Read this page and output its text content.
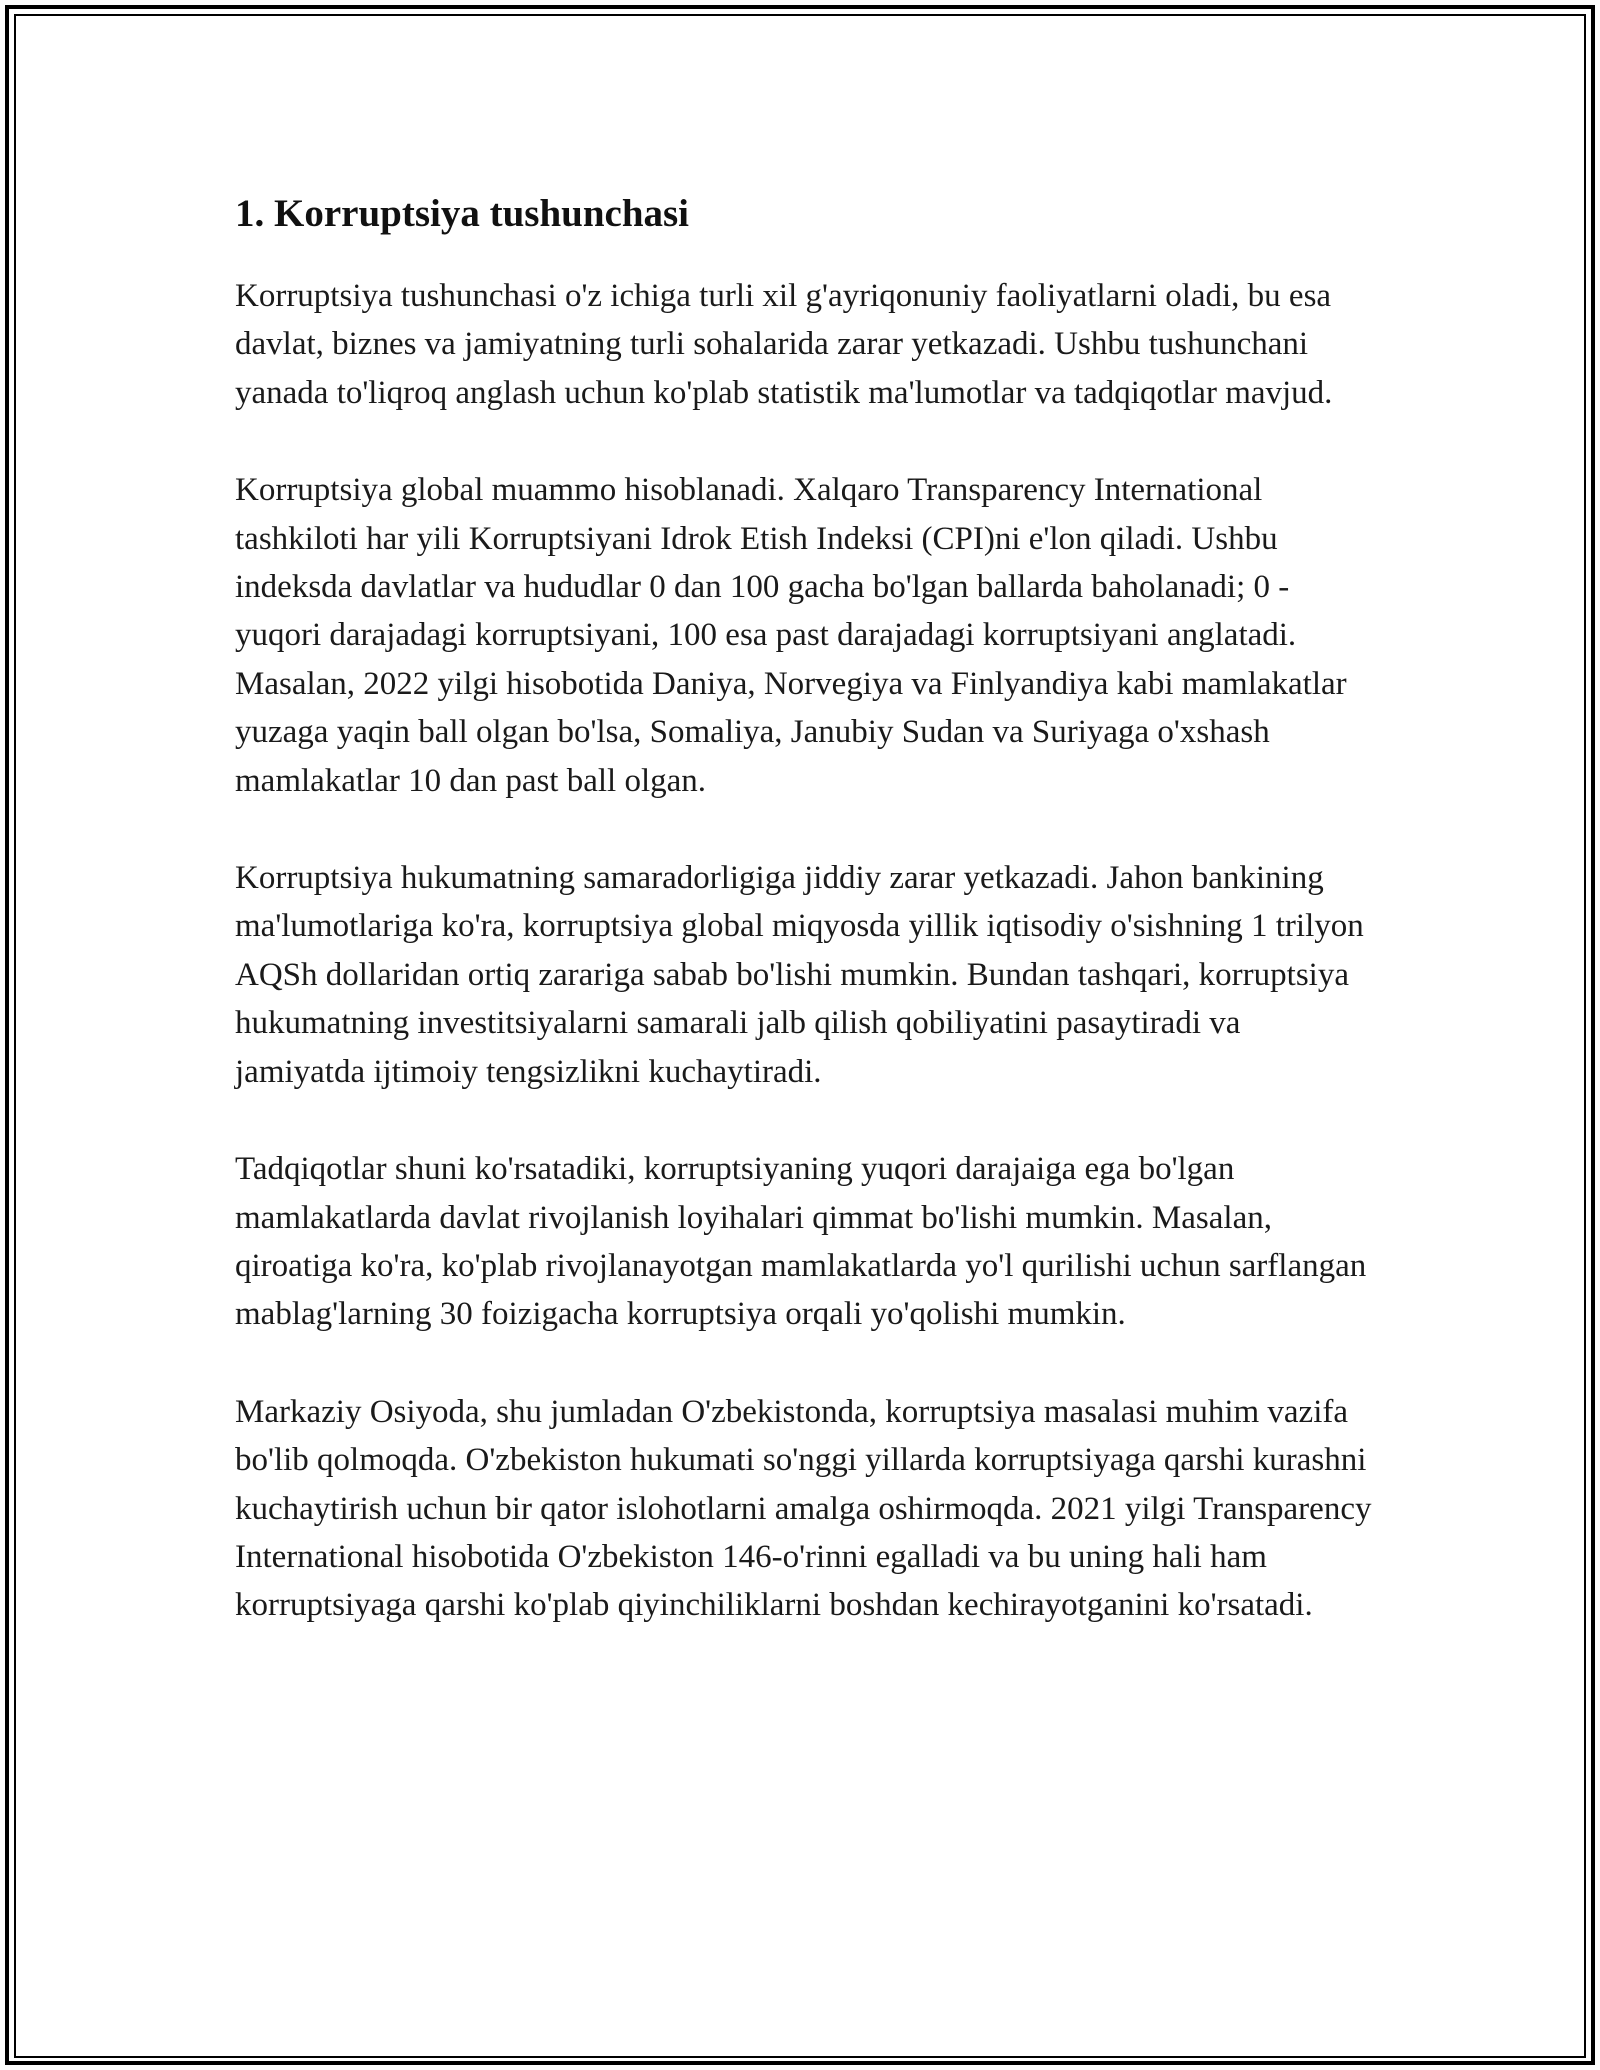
1. Korruptsiya tushunchasi

Korruptsiya tushunchasi o'z ichiga turli xil g'ayriqonuniy faoliyatlarni oladi, bu esa davlat, biznes va jamiyatning turli sohalarida zarar yetkazadi. Ushbu tushunchani yanada to'liqroq anglash uchun ko'plab statistik ma'lumotlar va tadqiqotlar mavjud.

Korruptsiya global muammo hisoblanadi. Xalqaro Transparency International tashkiloti har yili Korruptsiyani Idrok Etish Indeksi (CPI)ni e'lon qiladi. Ushbu indeksda davlatlar va hududlar 0 dan 100 gacha bo'lgan ballarda baholanadi; 0 - yuqori darajadagi korruptsiyani, 100 esa past darajadagi korruptsiyani anglatadi. Masalan, 2022 yilgi hisobotida Daniya, Norvegiya va Finlyandiya kabi mamlakatlar yuzaga yaqin ball olgan bo'lsa, Somaliya, Janubiy Sudan va Suriyaga o'xshash mamlakatlar 10 dan past ball olgan.

Korruptsiya hukumatning samaradorligiga jiddiy zarar yetkazadi. Jahon bankining ma'lumotlariga ko'ra, korruptsiya global miqyosda yillik iqtisodiy o'sishning 1 trilyon AQSh dollaridan ortiq zarariga sabab bo'lishi mumkin. Bundan tashqari, korruptsiya hukumatning investitsiyalarni samarali jalb qilish qobiliyatini pasaytiradi va jamiyatda ijtimoiy tengsizlikni kuchaytiradi.

Tadqiqotlar shuni ko'rsatadiki, korruptsiyaning yuqori darajaiga ega bo'lgan mamlakatlarda davlat rivojlanish loyihalari qimmat bo'lishi mumkin. Masalan, qiroatiga ko'ra, ko'plab rivojlanayotgan mamlakatlarda yo'l qurilishi uchun sarflangan mablag'larning 30 foizigacha korruptsiya orqali yo'qolishi mumkin.

Markaziy Osiyoda, shu jumladan O'zbekistonda, korruptsiya masalasi muhim vazifa bo'lib qolmoqda. O'zbekiston hukumati so'nggi yillarda korruptsiyaga qarshi kurashni kuchaytirish uchun bir qator islohotlarni amalga oshirmoqda. 2021 yilgi Transparency International hisobotida O'zbekiston 146-o'rinni egalladi va bu uning hali ham korruptsiyaga qarshi ko'plab qiyinchiliklarni boshdan kechirayotganini ko'rsatadi.
